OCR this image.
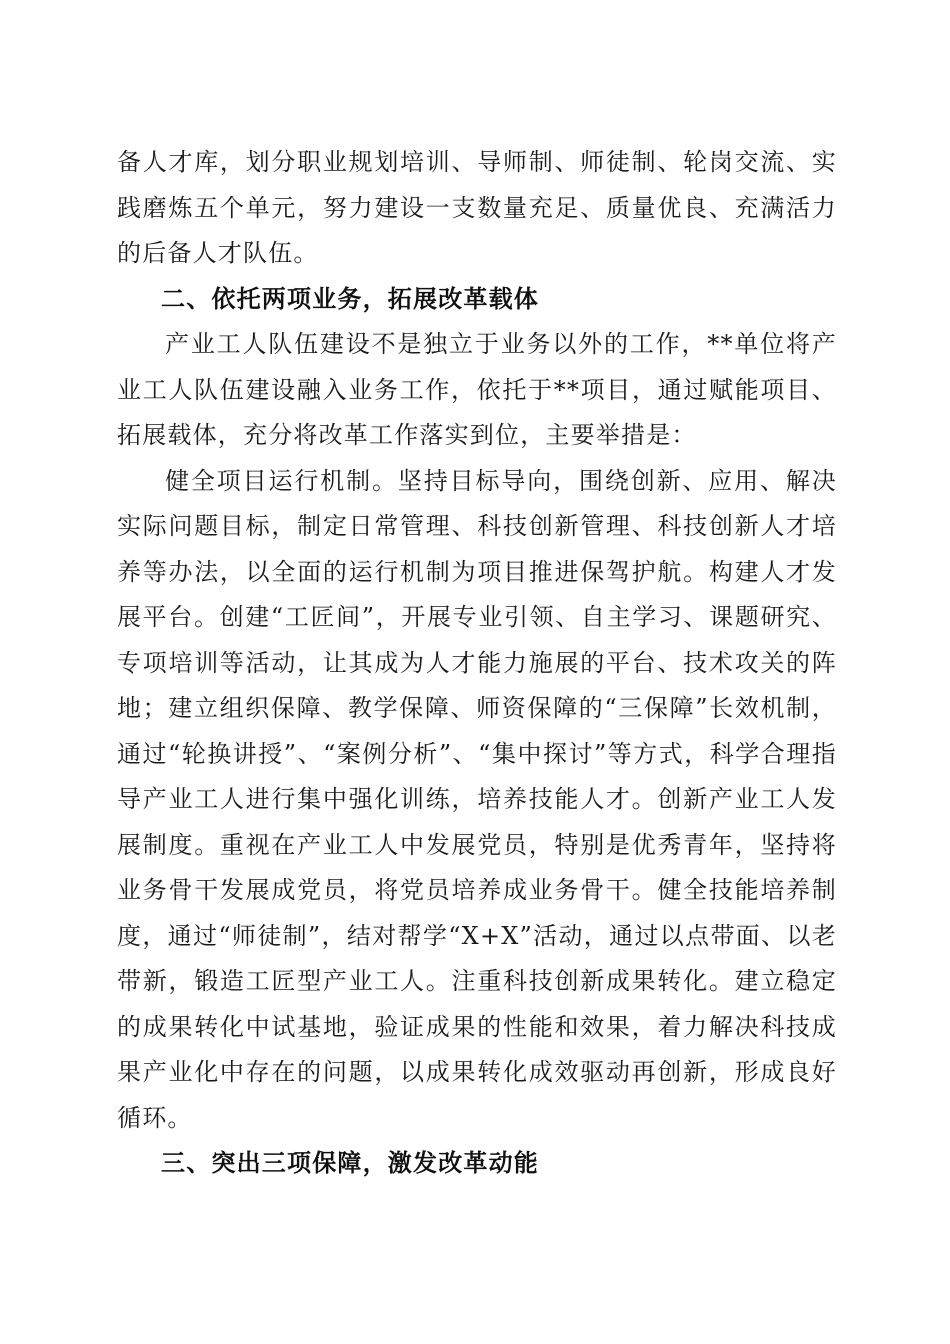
备人才库，划分职业规划培训、导师制、师徒制、轮岗交流、实践磨炼五个单元，努力建设一支数量充足、质量优良、充满活力的后备人才队伍。

二、依托两项业务，拓展改革载体

产业工人队伍建设不是独立于业务以外的工作，**单位将产业工人队伍建设融入业务工作，依托于**项目，通过赋能项目、拓展载体，充分将改革工作落实到位，主要举措是：

健全项目运行机制。坚持目标导向，围绕创新、应用、解决实际问题目标，制定日常管理、科技创新管理、科技创新人才培养等办法，以全面的运行机制为项目推进保驾护航。构建人才发展平台。创建“工匠间”，开展专业引领、自主学习、课题研究、专项培训等活动，让其成为人才能力施展的平台、技术攻关的阵地；建立组织保障、教学保障、师资保障的“三保障”长效机制，通过“轮换讲授”、“案例分析”、“集中探讨”等方式，科学合理指导产业工人进行集中强化训练，培养技能人才。创新产业工人发展制度。重视在产业工人中发展党员，特别是优秀青年，坚持将业务骨干发展成党员，将党员培养成业务骨干。健全技能培养制度，通过“师徒制”，结对帮学“X+X”活动，通过以点带面、以老带新，锻造工匠型产业工人。注重科技创新成果转化。建立稳定的成果转化中试基地，验证成果的性能和效果，着力解决科技成果产业化中存在的问题，以成果转化成效驱动再创新，形成良好循环。

三、突出三项保障，激发改革动能
